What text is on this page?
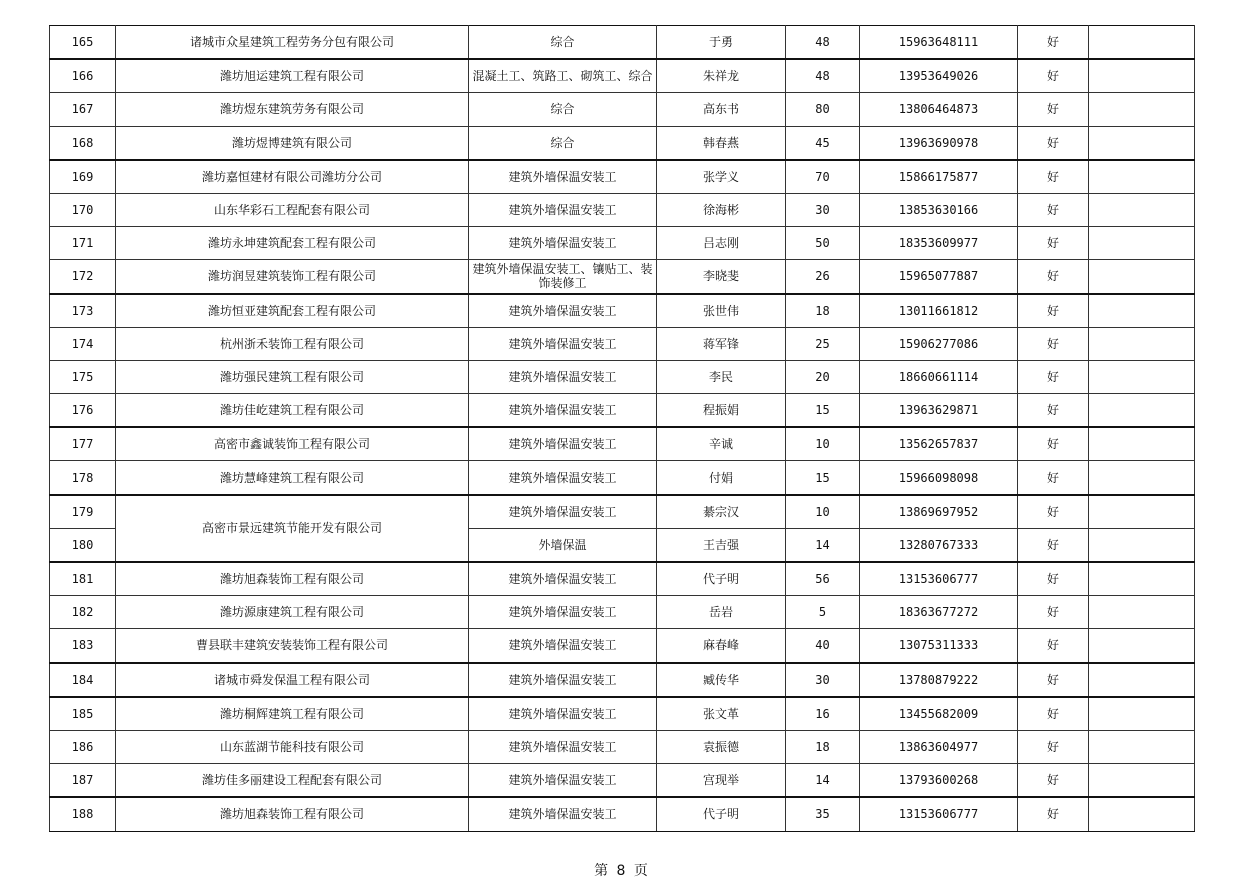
165	诸城市众星建筑工程劳务分包有限公司	综合	于勇	48	15963648111	好	
166	潍坊旭运建筑工程有限公司	混凝土工、筑路工、砌筑工、综合	朱祥龙	48	13953649026	好	
167	潍坊煜东建筑劳务有限公司	综合	高东书	80	13806464873	好	
168	潍坊煜博建筑有限公司	综合	韩春燕	45	13963690978	好	
169	潍坊嘉恒建材有限公司潍坊分公司	建筑外墙保温安装工	张学义	70	15866175877	好	
170	山东华彩石工程配套有限公司	建筑外墙保温安装工	徐海彬	30	13853630166	好	
171	潍坊永坤建筑配套工程有限公司	建筑外墙保温安装工	吕志刚	50	18353609977	好	
172	潍坊润昱建筑装饰工程有限公司	建筑外墙保温安装工、镶贴工、装饰装修工	李晓斐	26	15965077887	好	
173	潍坊恒亚建筑配套工程有限公司	建筑外墙保温安装工	张世伟	18	13011661812	好	
174	杭州浙禾装饰工程有限公司	建筑外墙保温安装工	蒋军锋	25	15906277086	好	
175	潍坊强民建筑工程有限公司	建筑外墙保温安装工	李民	20	18660661114	好	
176	潍坊佳屹建筑工程有限公司	建筑外墙保温安装工	程振娟	15	13963629871	好	
177	高密市鑫诚装饰工程有限公司	建筑外墙保温安装工	辛诚	10	13562657837	好	
178	潍坊慧峰建筑工程有限公司	建筑外墙保温安装工	付娟	15	15966098098	好	
179	高密市景远建筑节能开发有限公司	建筑外墙保温安装工	綦宗汉	10	13869697952	好	
180		外墙保温	王吉强	14	13280767333	好	
181	潍坊旭森装饰工程有限公司	建筑外墙保温安装工	代子明	56	13153606777	好	
182	潍坊源康建筑工程有限公司	建筑外墙保温安装工	岳岩	5	18363677272	好	
183	曹县联丰建筑安装装饰工程有限公司	建筑外墙保温安装工	麻春峰	40	13075311333	好	
184	诸城市舜发保温工程有限公司	建筑外墙保温安装工	臧传华	30	13780879222	好	
185	潍坊桐辉建筑工程有限公司	建筑外墙保温安装工	张文革	16	13455682009	好	
186	山东蓝湖节能科技有限公司	建筑外墙保温安装工	袁振德	18	13863604977	好	
187	潍坊佳多丽建设工程配套有限公司	建筑外墙保温安装工	宫现举	14	13793600268	好	
188	潍坊旭森装饰工程有限公司	建筑外墙保温安装工	代子明	35	13153606777	好	
第 8 页
